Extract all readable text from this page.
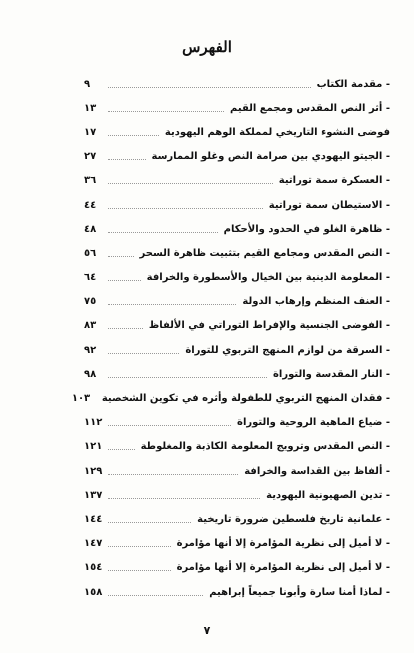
الفهرس
- مقدمة الكتاب
٩
- أثر النص المقدس ومجمع القيم
١٣
فوضى النشوء التاريخي لمملكة الوهم اليهودية
١٧
- الجيتو اليهودي بين صرامة النص وغلو الممارسة
٢٧
- العسكرة سمة توراتية
٣٦
- الاستيطان سمة توراتية
٤٤
- ظاهرة الغلو في الحدود والأحكام
٤٨
- النص المقدس ومجامع القيم بتثبيت ظاهرة السحر
٥٦
- المعلومة الدينية بين الخيال والأسطورة والخرافة
٦٤
- العنف المنظم وإرهاب الدولة
٧٥
- الفوضى الجنسية والإفراط التوراتي في الألفاظ
٨٣
- السرقة من لوازم المنهج التربوي للتوراة
٩٢
- النار المقدسة والتوراة
٩٨
- فقدان المنهج التربوي للطفولة وأثره في تكوين الشخصية
١٠٣
- ضياع الماهية الروحية والتوراة
١١٢
- النص المقدس وترويج المعلومة الكاذبة والمغلوطة
١٢١
- ألفاظ بين القداسة والخرافة
١٢٩
- تدين الصهيونية اليهودية
١٣٧
- علمانية تاريخ فلسطين ضرورة تاريخية
١٤٤
- لا أميل إلى نظرية المؤامرة إلا أنها مؤامرة
١٤٧
- لا أميل إلى نظرية المؤامرة إلا أنها مؤامرة
١٥٤
- لماذا أمنا سارة وأبونا جميعاً إبراهيم
١٥٨
٧
